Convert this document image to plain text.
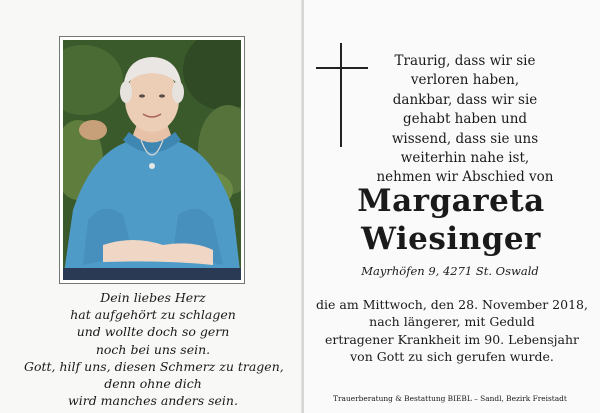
Dein liebes Herz
hat aufgehört zu schlagen
und wollte doch so gern
noch bei uns sein.
Gott, hilf uns, diesen Schmerz zu tragen,
denn ohne dich
wird manches anders sein.
Traurig, dass wir sie
verloren haben,
dankbar, dass wir sie
gehabt haben und
wissend, dass sie uns
weiterhin nahe ist,
nehmen wir Abschied von
Margareta
Wiesinger
Mayrhöfen 9, 4271 St. Oswald
die am Mittwoch, den 28. November 2018,
nach längerer, mit Geduld
ertragener Krankheit im 90. Lebensjahr
von Gott zu sich gerufen wurde.
Trauerberatung & Bestattung BIEBL – Sandl, Bezirk Freistadt
